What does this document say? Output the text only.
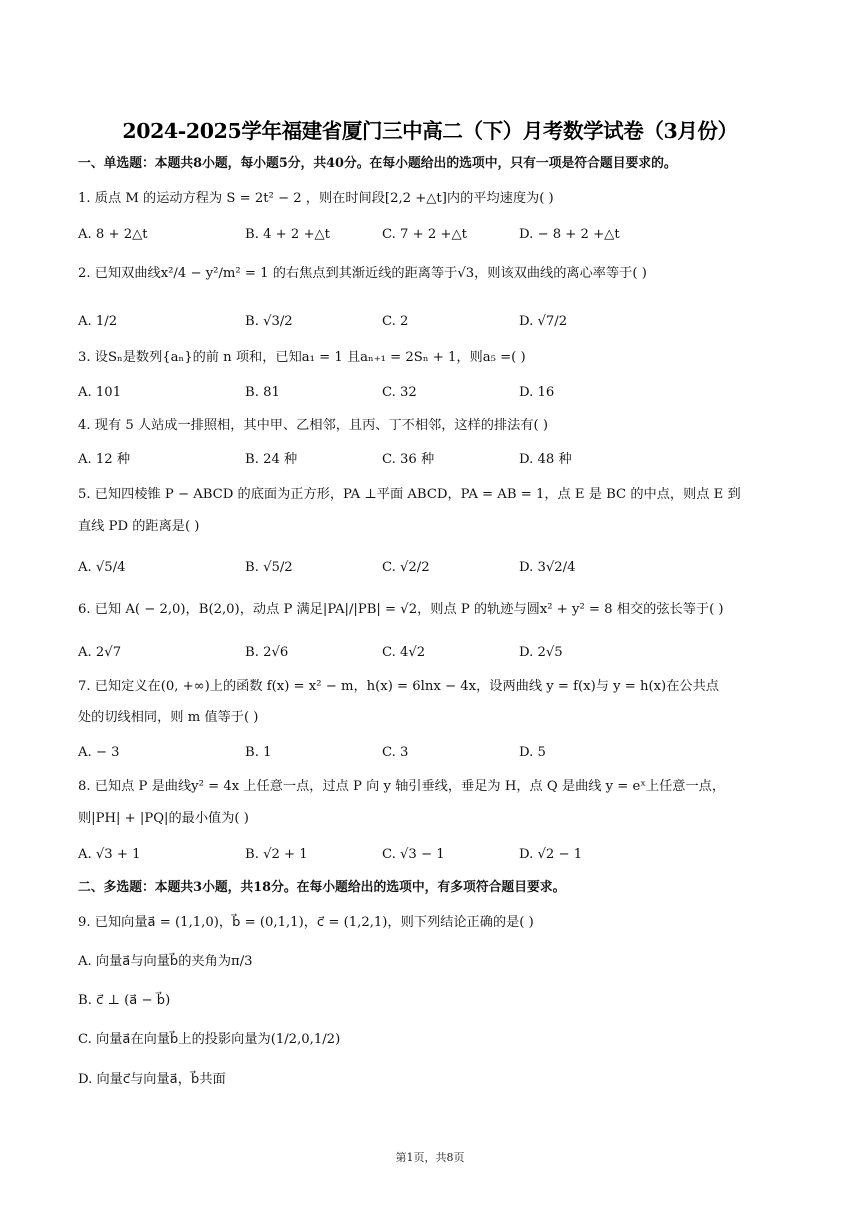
2024-2025学年福建省厦门三中高二（下）月考数学试卷（3月份）
一、单选题：本题共8小题，每小题5分，共40分。在每小题给出的选项中，只有一项是符合题目要求的。
1. 质点 M 的运动方程为 S = 2t² − 2 ，则在时间段[2,2 +△t]内的平均速度为( )
A. 8 + 2△t	B. 4 + 2 +△t	C. 7 + 2 +△t	D. − 8 + 2 +△t
2. 已知双曲线x²/4 − y²/m² = 1 的右焦点到其渐近线的距离等于√3，则该双曲线的离心率等于( )
A. 1/2	B. √3/2	C. 2	D. √7/2
3. 设Sₙ是数列{aₙ}的前 n 项和，已知a₁ = 1 且aₙ₊₁ = 2Sₙ + 1，则a₅ =( )
A. 101	B. 81	C. 32	D. 16
4. 现有 5 人站成一排照相，其中甲、乙相邻，且丙、丁不相邻，这样的排法有( )
A. 12 种	B. 24 种	C. 36 种	D. 48 种
5. 已知四棱锥 P − ABCD 的底面为正方形，PA ⊥平面 ABCD，PA = AB = 1，点 E 是 BC 的中点，则点 E 到
直线 PD 的距离是( )
A. √5/4	B. √5/2	C. √2/2	D. 3√2/4
6. 已知 A( − 2,0)，B(2,0)，动点 P 满足|PA|/|PB| = √2，则点 P 的轨迹与圆x² + y² = 8 相交的弦长等于( )
A. 2√7	B. 2√6	C. 4√2	D. 2√5
7. 已知定义在(0, +∞)上的函数 f(x) = x² − m，h(x) = 6lnx − 4x，设两曲线 y = f(x)与 y = h(x)在公共点
处的切线相同，则 m 值等于( )
A. − 3	B. 1	C. 3	D. 5
8. 已知点 P 是曲线y² = 4x 上任意一点，过点 P 向 y 轴引垂线，垂足为 H，点 Q 是曲线 y = eˣ上任意一点，
则|PH| + |PQ|的最小值为( )
A. √3 + 1	B. √2 + 1	C. √3 − 1	D. √2 − 1
二、多选题：本题共3小题，共18分。在每小题给出的选项中，有多项符合题目要求。
9. 已知向量a⃗ = (1,1,0)，b⃗ = (0,1,1)，c⃗ = (1,2,1)，则下列结论正确的是( )
A. 向量a⃗与向量b⃗的夹角为π/3
B. c⃗ ⊥ (a⃗ − b⃗)
C. 向量a⃗在向量b⃗上的投影向量为(1/2,0,1/2)
D. 向量c⃗与向量a⃗，b⃗共面
第1页，共8页
